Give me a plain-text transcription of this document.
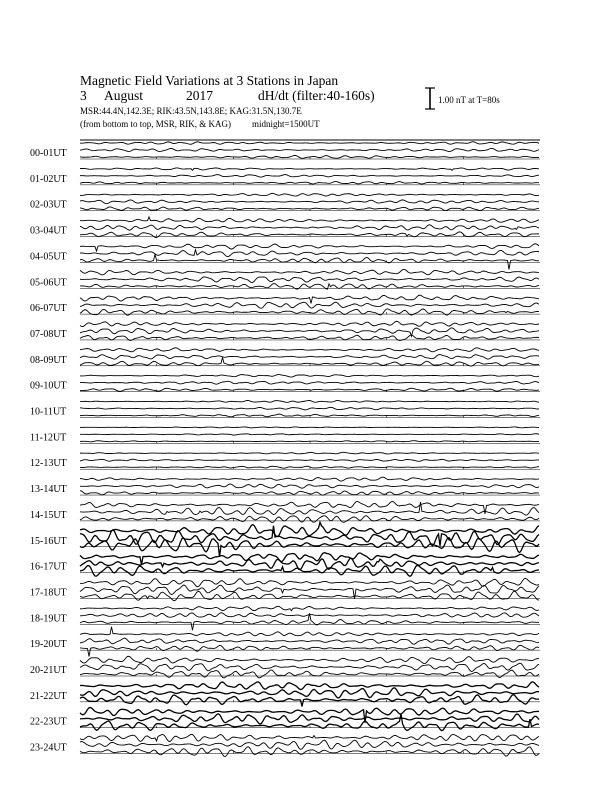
Magnetic Field Variations at 3 Stations in Japan
3 August	2017	dH/dt (filter:40-160s)
MSR:44.4N,142.3E; RIK:43.5N,143.8E; KAG:31.5N,130.7E
(from bottom to top, MSR, RIK, & KAG) midnight=1500UT
1.00 nT at T=80s
00-01UT
01-02UT
02-03UT
03-04UT
04-05UT
05-06UT
06-07UT
07-08UT
08-09UT
09-10UT
10-11UT
11-12UT
12-13UT
13-14UT
14-15UT
15-16UT
16-17UT
17-18UT
18-19UT
19-20UT
20-21UT
21-22UT
22-23UT
23-24UT
